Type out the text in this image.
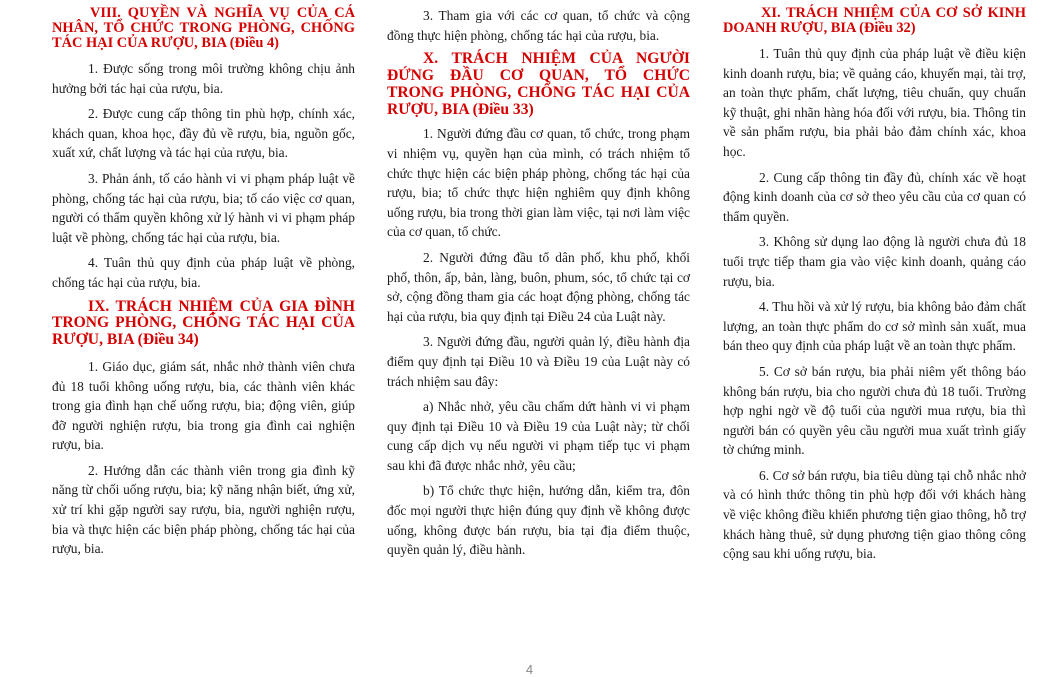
VIII. QUYỀN VÀ NGHĨA VỤ CỦA CÁ NHÂN, TỔ CHỨC TRONG PHÒNG, CHỐNG TÁC HẠI CỦA RƯỢU, BIA (Điều 4)

1. Được sống trong môi trường không chịu ảnh hưởng bởi tác hại của rượu, bia.

2. Được cung cấp thông tin phù hợp, chính xác, khách quan, khoa học, đầy đủ về rượu, bia, nguồn gốc, xuất xứ, chất lượng và tác hại của rượu, bia.

3. Phản ánh, tố cáo hành vi vi phạm pháp luật về phòng, chống tác hại của rượu, bia; tố cáo việc cơ quan, người có thẩm quyền không xử lý hành vi vi phạm pháp luật về phòng, chống tác hại của rượu, bia.

4. Tuân thủ quy định của pháp luật về phòng, chống tác hại của rượu, bia.

IX. TRÁCH NHIỆM CỦA GIA ĐÌNH TRONG PHÒNG, CHỐNG TÁC HẠI CỦA RƯỢU, BIA (Điều 34)

1. Giáo dục, giám sát, nhắc nhở thành viên chưa đủ 18 tuổi không uống rượu, bia, các thành viên khác trong gia đình hạn chế uống rượu, bia; động viên, giúp đỡ người nghiện rượu, bia trong gia đình cai nghiện rượu, bia.

2. Hướng dẫn các thành viên trong gia đình kỹ năng từ chối uống rượu, bia; kỹ năng nhận biết, ứng xử, xử trí khi gặp người say rượu, bia, người nghiện rượu, bia và thực hiện các biện pháp phòng, chống tác hại của rượu, bia.

3. Tham gia với các cơ quan, tổ chức và cộng đồng thực hiện phòng, chống tác hại của rượu, bia.

X. TRÁCH NHIỆM CỦA NGƯỜI ĐỨNG ĐẦU CƠ QUAN, TỔ CHỨC TRONG PHÒNG, CHỐNG TÁC HẠI CỦA RƯỢU, BIA (Điều 33)

1. Người đứng đầu cơ quan, tổ chức, trong phạm vi nhiệm vụ, quyền hạn của mình, có trách nhiệm tổ chức thực hiện các biện pháp phòng, chống tác hại của rượu, bia; tổ chức thực hiện nghiêm quy định không uống rượu, bia trong thời gian làm việc, tại nơi làm việc của cơ quan, tổ chức.

2. Người đứng đầu tổ dân phố, khu phố, khối phố, thôn, ấp, bản, làng, buôn, phum, sóc, tổ chức tại cơ sở, cộng đồng tham gia các hoạt động phòng, chống tác hại của rượu, bia quy định tại Điều 24 của Luật này.

3. Người đứng đầu, người quản lý, điều hành địa điểm quy định tại Điều 10 và Điều 19 của Luật này có trách nhiệm sau đây:

a) Nhắc nhở, yêu cầu chấm dứt hành vi vi phạm quy định tại Điều 10 và Điều 19 của Luật này; từ chối cung cấp dịch vụ nếu người vi phạm tiếp tục vi phạm sau khi đã được nhắc nhở, yêu cầu;

b) Tổ chức thực hiện, hướng dẫn, kiểm tra, đôn đốc mọi người thực hiện đúng quy định về không được uống, không được bán rượu, bia tại địa điểm thuộc, quyền quản lý, điều hành.

XI. TRÁCH NHIỆM CỦA CƠ SỞ KINH DOANH RƯỢU, BIA (Điều 32)

1. Tuân thủ quy định của pháp luật về điều kiện kinh doanh rượu, bia; về quảng cáo, khuyến mại, tài trợ, an toàn thực phẩm, chất lượng, tiêu chuẩn, quy chuẩn kỹ thuật, ghi nhãn hàng hóa đối với rượu, bia. Thông tin về sản phẩm rượu, bia phải bảo đảm chính xác, khoa học.

2. Cung cấp thông tin đầy đủ, chính xác về hoạt động kinh doanh của cơ sở theo yêu cầu của cơ quan có thẩm quyền.

3. Không sử dụng lao động là người chưa đủ 18 tuổi trực tiếp tham gia vào việc kinh doanh, quảng cáo rượu, bia.

4. Thu hồi và xử lý rượu, bia không bảo đảm chất lượng, an toàn thực phẩm do cơ sở mình sản xuất, mua bán theo quy định của pháp luật về an toàn thực phẩm.

5. Cơ sở bán rượu, bia phải niêm yết thông báo không bán rượu, bia cho người chưa đủ 18 tuổi. Trường hợp nghi ngờ về độ tuổi của người mua rượu, bia thì người bán có quyền yêu cầu người mua xuất trình giấy tờ chứng minh.

6. Cơ sở bán rượu, bia tiêu dùng tại chỗ nhắc nhở và có hình thức thông tin phù hợp đối với khách hàng về việc không điều khiển phương tiện giao thông, hỗ trợ khách hàng thuê, sử dụng phương tiện giao thông công cộng sau khi uống rượu, bia.

4
